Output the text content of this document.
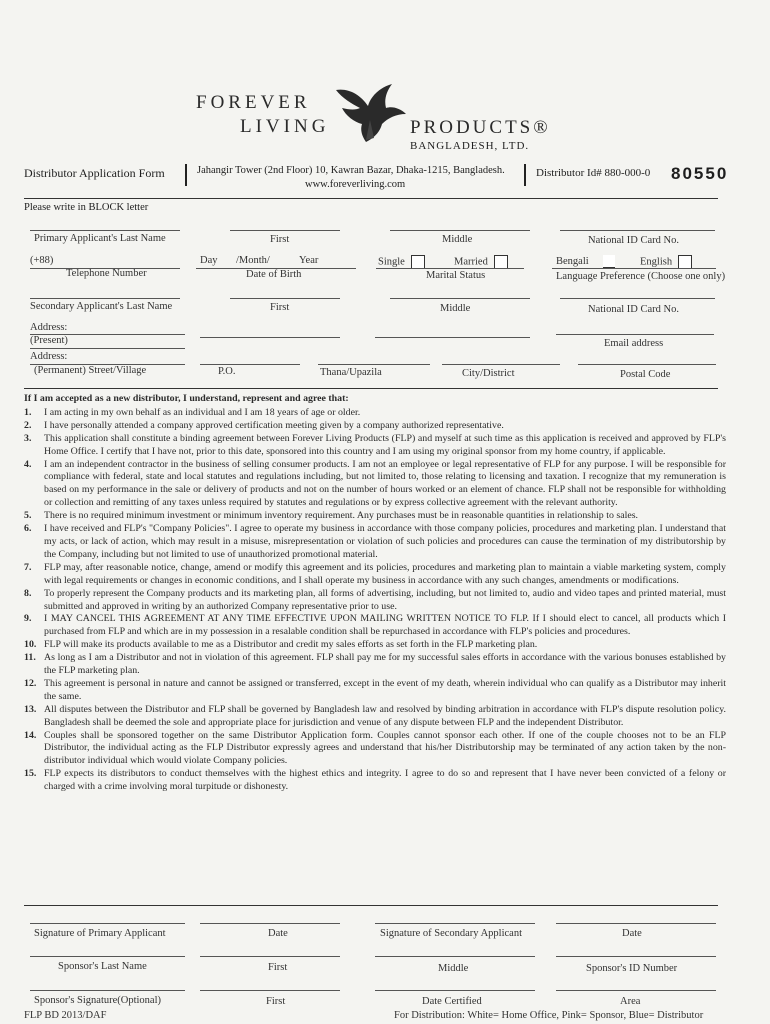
FOREVER
LIVING	PRODUCTS®
BANGLADESH, LTD.
Distributor Application Form	Jahangir Tower (2nd Floor) 10, Kawran Bazar, Dhaka-1215, Bangladesh.
www.foreverliving.com
Distributor Id# 880-000-0 80550
Please write in BLOCK letter
Primary Applicant's Last Name	First	Middle	National ID Card No.
(+88)	Day /Month/	Year	Single	Married	Bengali	English
Telephone Number	Date of Birth	Marital Status	Language Preference (Choose one only)
Secondary Applicant's Last Name	First	Middle	National ID Card No.
Address:
(Present)	Email address
Address:
(Permanent) Street/Village	P.O.	Thana/Upazila	City/District	Postal Code
If I am accepted as a new distributor, I understand, represent and agree that:
1.	I am acting in my own behalf as an individual and I am 18 years of age or older.
2.	I have personally attended a company approved certification meeting given by a company authorized representative.
3.	This application shall constitute a binding agreement between Forever Living Products (FLP) and myself at such time as this application is received and approved by FLP's Home Office. I certify that I have not, prior to this date, sponsored into this country and I am using my original sponsor from my home country, if applicable.
4.	I am an independent contractor in the business of selling consumer products. I am not an employee or legal representative of FLP for any purpose. I will be responsible for compliance with federal, state and local statutes and regulations including, but not limited to, those relating to licensing and taxation. I recognize that my remuneration is based on my performance in the sale or delivery of products and not on the number of hours worked or an element of chance. FLP shall not be responsible for withholding or collection and remitting of any taxes unless required by statutes and regulations or by express collective agreement with the relevant authority.
5.	There is no required minimum investment or minimum inventory requirement. Any purchases must be in reasonable quantities in relationship to sales.
6.	I have received and FLP's "Company Policies". I agree to operate my business in accordance with those company policies, procedures and marketing plan. I understand that my acts, or lack of action, which may result in a misuse, misrepresentation or violation of such policies and procedures can cause the termination of my distributorship by the Company, including but not limited to use of unauthorized promotional material.
7.	FLP may, after reasonable notice, change, amend or modify this agreement and its policies, procedures and marketing plan to maintain a viable marketing system, comply with legal requirements or changes in economic conditions, and I shall operate my business in accordance with any such changes, amendments or modifications.
8.	To properly represent the Company products and its marketing plan, all forms of advertising, including, but not limited to, audio and video tapes and printed material, must submitted and approved in writing by an authorized Company representative prior to use.
9.	I MAY CANCEL THIS AGREEMENT AT ANY TIME EFFECTIVE UPON MAILING WRITTEN NOTICE TO FLP. If I should elect to cancel, all products which I purchased from FLP and which are in my possession in a resalable condition shall be repurchased in accordance with FLP's policies and procedures.
10. FLP will make its products available to me as a Distributor and credit my sales efforts as set forth in the FLP marketing plan.
11. As long as I am a Distributor and not in violation of this agreement. FLP shall pay me for my successful sales efforts in accordance with the various bonuses established by the FLP marketing plan.
12. This agreement is personal in nature and cannot be assigned or transferred, except in the event of my death, wherein individual who can qualify as a Distributor may inherit the same.
13. All disputes between the Distributor and FLP shall be governed by Bangladesh law and resolved by binding arbitration in accordance with FLP's dispute resolution policy. Bangladesh shall be deemed the sole and appropriate place for jurisdiction and venue of any dispute between FLP and the independent Distributor.
14. Couples shall be sponsored together on the same Distributor Application form. Couples cannot sponsor each other. If one of the couple chooses not to be an FLP Distributor, the individual acting as the FLP Distributor expressly agrees and understand that his/her Distributorship may be terminated of any action taken by the non-distributor individual which would violate Company policies.
15. FLP expects its distributors to conduct themselves with the highest ethics and integrity. I agree to do so and represent that I have never been convicted of a felony or charged with a crime involving moral turpitude or dishonesty.
Signature of Primary Applicant	Date	Signature of Secondary Applicant	Date
Sponsor's Last Name	First	Middle	Sponsor's ID Number
Sponsor's Signature(Optional)	First	Date Certified	Area
FLP BD 2013/DAF	For Distribution: White= Home Office, Pink= Sponsor, Blue= Distributor
